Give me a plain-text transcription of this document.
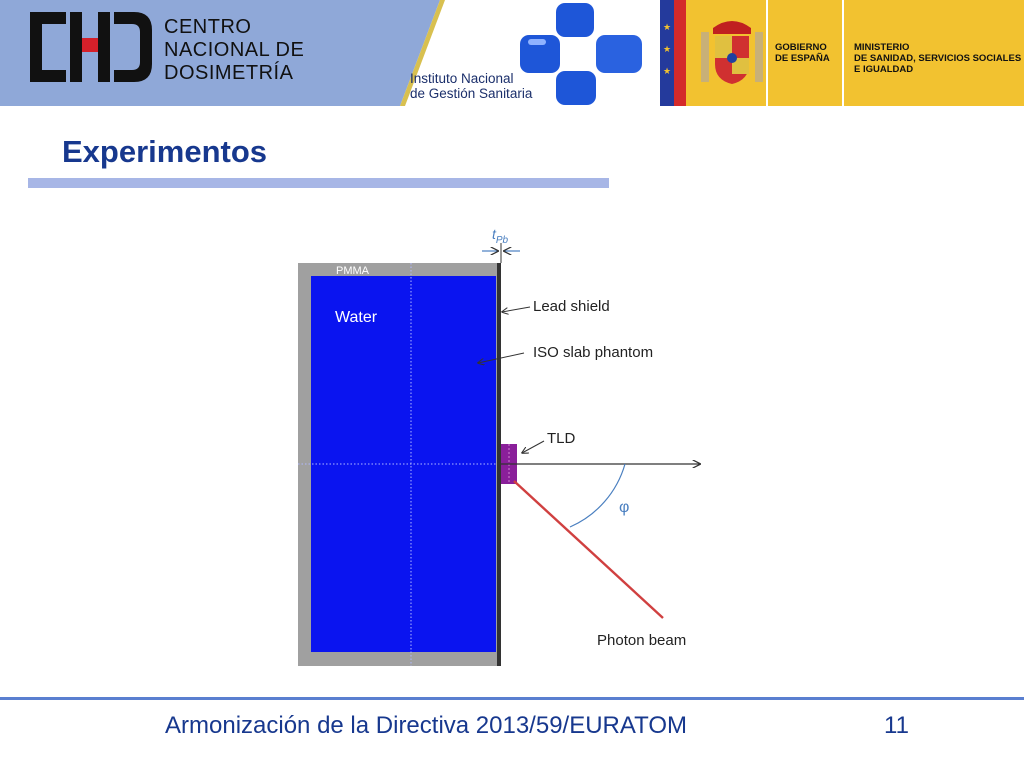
CENTRO
NACIONAL DE
DOSIMETRÍA	Instituto Nacional
de Gestión Sanitaria
★
★
★
GOBIERNO
DE ESPAÑA
MINISTERIO
DE SANIDAD, SERVICIOS SOCIALES
E IGUALDAD
Experimentos
$t_{Pb}$
PMMA
Water
Lead shield
ISO slab phantom
TLD
φ
Photon beam
Armonización de la Directiva 2013/59/EURATOM	11
